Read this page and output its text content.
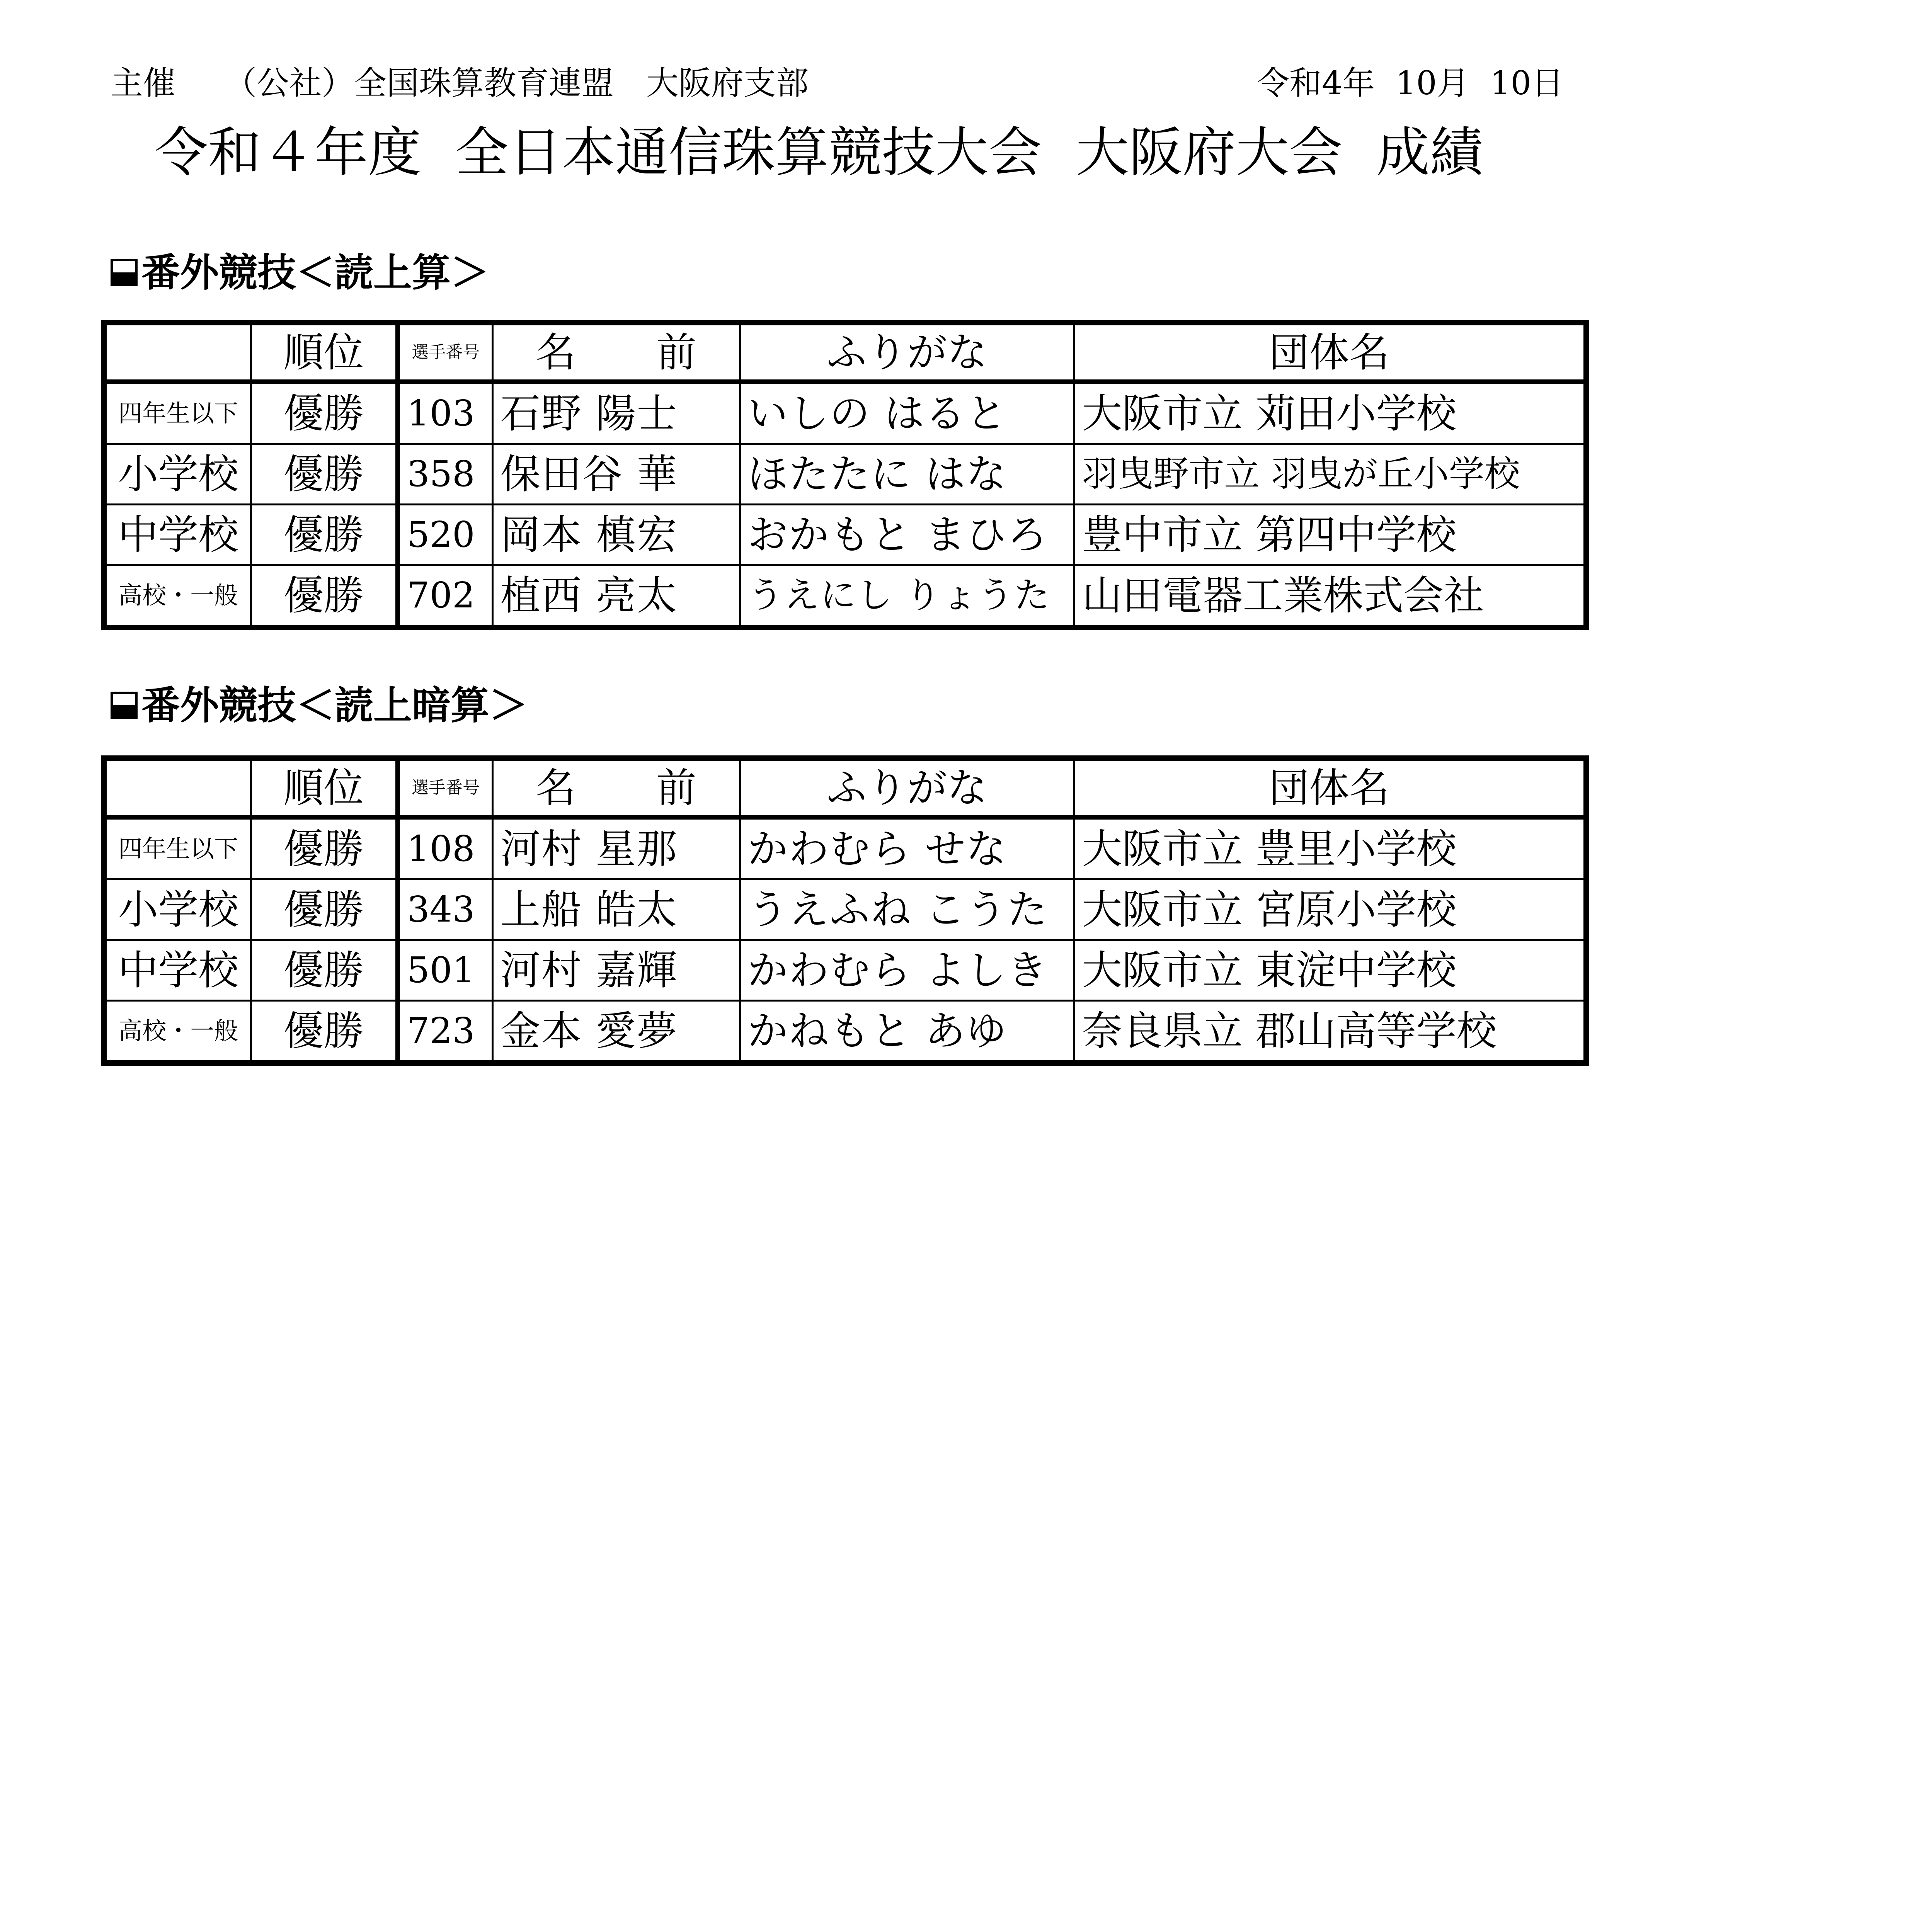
主催　　（公社）全国珠算教育連盟　大阪府支部	令和4年  10月  10日
令和４年度  全日本通信珠算競技大会  大阪府大会  成績
番外競技＜読上算＞
	順位	選手番号	名　　前	ふりがな	団体名
四年生以下	優勝	103	石野 陽士	いしの はると	大阪市立 苅田小学校
小学校	優勝	358	保田谷 華	ほたたに はな	羽曳野市立 羽曳が丘小学校
中学校	優勝	520	岡本 槙宏	おかもと まひろ	豊中市立 第四中学校
高校・一般	優勝	702	植西 亮太	うえにし りょうた	山田電器工業株式会社
番外競技＜読上暗算＞
	順位	選手番号	名　　前	ふりがな	団体名
四年生以下	優勝	108	河村 星那	かわむら せな	大阪市立 豊里小学校
小学校	優勝	343	上船 皓太	うえふね こうた	大阪市立 宮原小学校
中学校	優勝	501	河村 嘉輝	かわむら よしき	大阪市立 東淀中学校
高校・一般	優勝	723	金本 愛夢	かねもと あゆ	奈良県立 郡山高等学校
